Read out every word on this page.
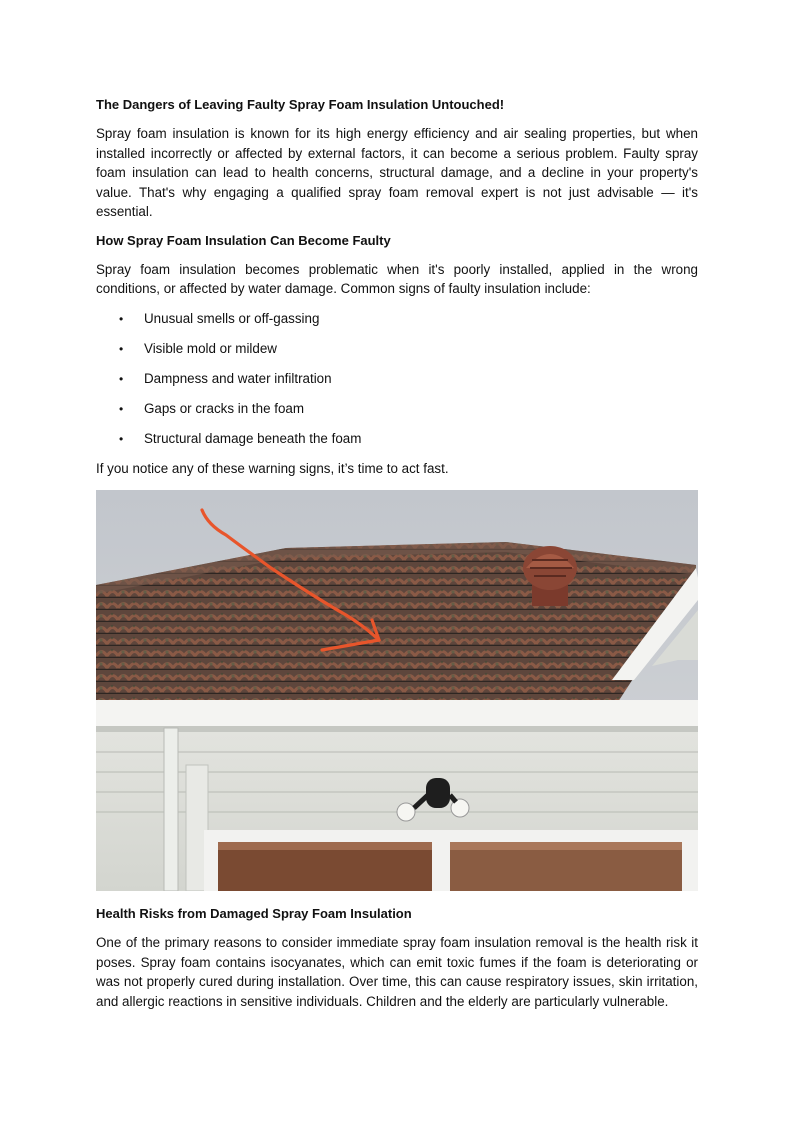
The Dangers of Leaving Faulty Spray Foam Insulation Untouched!

Spray foam insulation is known for its high energy efficiency and air sealing properties, but when installed incorrectly or affected by external factors, it can become a serious problem. Faulty spray foam insulation can lead to health concerns, structural damage, and a decline in your property's value. That's why engaging a qualified spray foam removal expert is not just advisable — it's essential.

How Spray Foam Insulation Can Become Faulty

Spray foam insulation becomes problematic when it's poorly installed, applied in the wrong conditions, or affected by water damage. Common signs of faulty insulation include:

• Unusual smells or off-gassing
• Visible mold or mildew
• Dampness and water infiltration
• Gaps or cracks in the foam
• Structural damage beneath the foam

If you notice any of these warning signs, it’s time to act fast.

Health Risks from Damaged Spray Foam Insulation

One of the primary reasons to consider immediate spray foam insulation removal is the health risk it poses. Spray foam contains isocyanates, which can emit toxic fumes if the foam is deteriorating or was not properly cured during installation. Over time, this can cause respiratory issues, skin irritation, and allergic reactions in sensitive individuals. Children and the elderly are particularly vulnerable.
